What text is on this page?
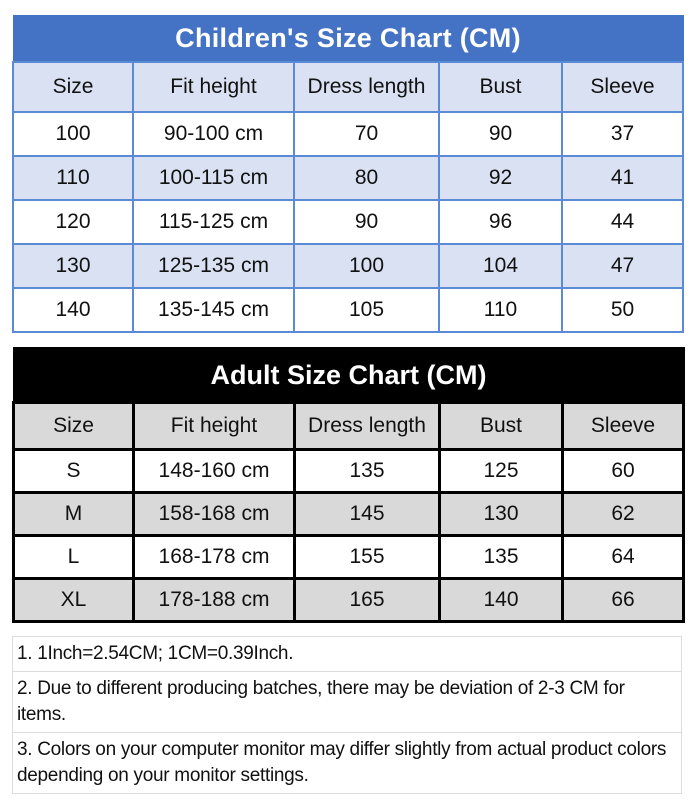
Children's Size Chart (CM)				
Size	Fit height	Dress length	Bust	Sleeve
100	90-100 cm	70	90	37
110	100-115 cm	80	92	41
120	115-125 cm	90	96	44
130	125-135 cm	100	104	47
140	135-145 cm	105	110	50
Adult Size Chart (CM)				
Size	Fit height	Dress length	Bust	Sleeve
S	148-160 cm	135	125	60
M	158-168 cm	145	130	62
L	168-178 cm	155	135	64
XL	178-188 cm	165	140	66
1. 1Inch=2.54CM; 1CM=0.39Inch.
2. Due to different producing batches, there may be deviation of 2-3 CM for items.
3. Colors on your computer monitor may differ slightly from actual product colors depending on your monitor settings.
